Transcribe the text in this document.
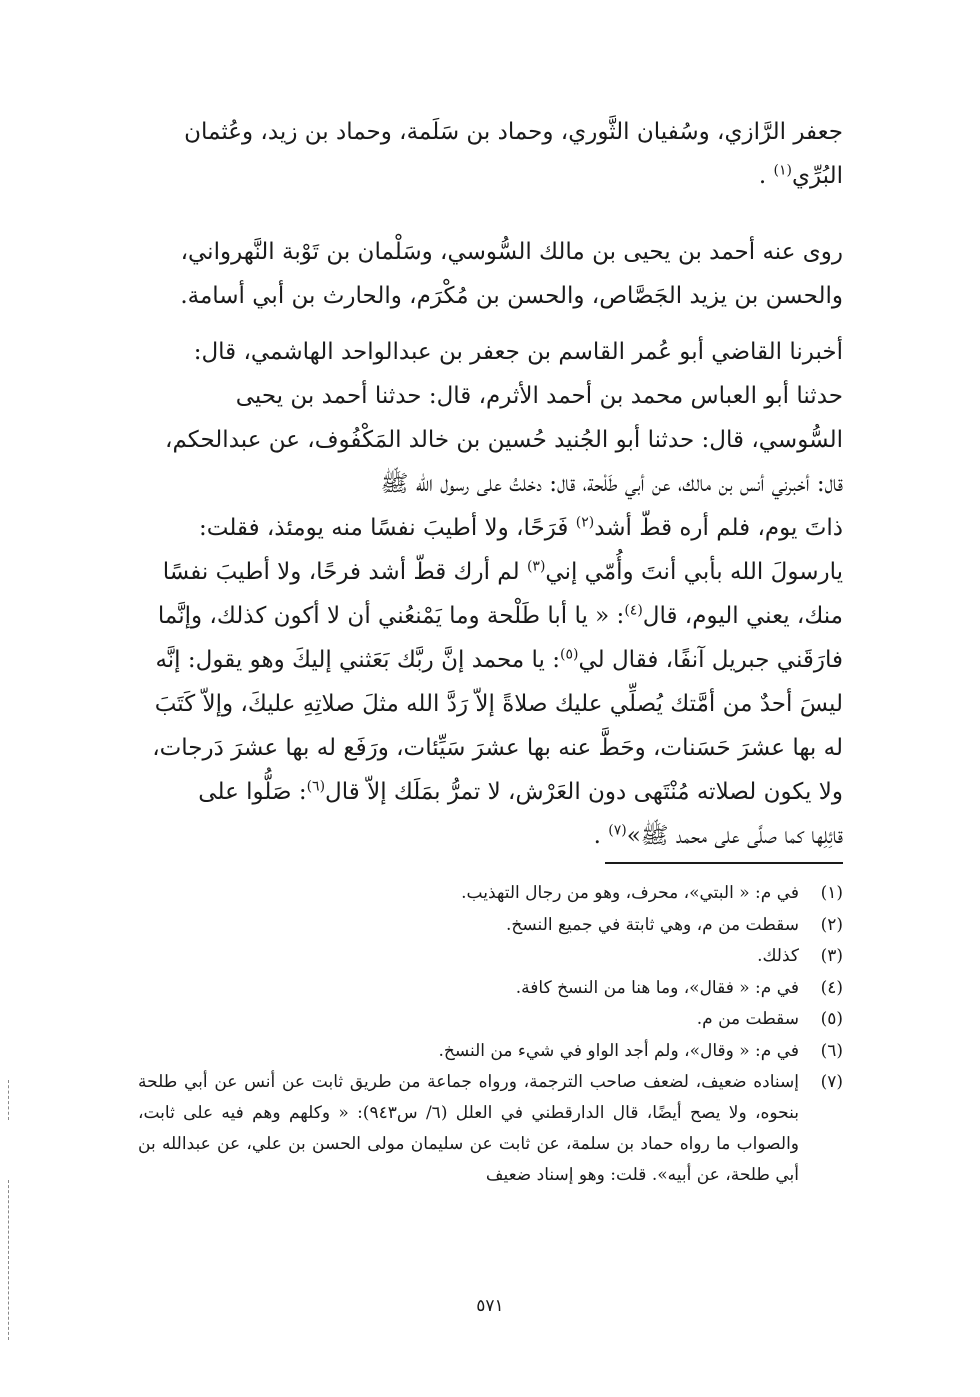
جعفر الرَّازي، وسُفيان الثَّوري، وحماد بن سَلَمة، وحماد بن زيد، وعُثمان

البُرِّي$^{(١)}$ .

روى عنه أحمد بن يحيى بن مالك السُّوسي، وسَلْمان بن تَوْبة النَّهرواني،

والحسن بن يزيد الجَصَّاص، والحسن بن مُكْرَم، والحارث بن أبي أسامة.

أخبرنا القاضي أبو عُمر القاسم بن جعفر بن عبدالواحد الهاشمي، قال:

حدثنا أبو العباس محمد بن أحمد الأثرم، قال: حدثنا أحمد بن يحيى

السُّوسي، قال: حدثنا أبو الجُنيد حُسين بن خالد المَكْفُوف، عن عبدالحكم،

قال: أخبرني أنس بن مالك، عن أبي طَلْحة، قال: دخلتُ على رسول الله ﷺ

ذاتَ يوم، فلم أره قطّ أشد$^{(٢)}$ فَرَحًا، ولا أطيبَ نفسًا منه يومئذ، فقلت:

يارسولَ الله بأبي أنتَ وأُمّي إني$^{(٣)}$ لم أرك قطّ أشد فرحًا، ولا أطيبَ نفسًا

منك، يعني اليوم، قال$^{(٤)}$: « يا أبا طَلْحة وما يَمْنعُني أن لا أكون كذلك، وإنَّما

فارَقَني جبريل آنفًا، فقال لي$^{(٥)}$: يا محمد إنَّ ربَّك بَعَثني إليكَ وهو يقول: إنَّه

ليسَ أحدٌ من أمَّتك يُصلِّي عليك صلاةً إلاّ رَدَّ الله مثلَ صلاتِهِ عليكَ، وإلاّ كَتَبَ

له بها عشرَ حَسَنات، وحَطَّ عنه بها عشرَ سَيِّئات، ورَفَع له بها عشرَ دَرجات،

ولا يكون لصلاته مُنْتَهى دون العَرْش، لا تمرُّ بمَلَك إلاّ قال$^{(٦)}$: صَلُّوا على

قائِلِها كما صلَّى على محمد ﷺ»$^{(٧)}$ .

(١)
في م: « البتي»، محرف، وهو من رجال التهذيب.
(٢)
سقطت من م، وهي ثابتة في جميع النسخ.
(٣)
كذلك.
(٤)
في م: « فقال»، وما هنا من النسخ كافة.
(٥)
سقطت من م.
(٦)
في م: « وقال»، ولم أجد الواو في شيء من النسخ.
(٧)
إسناده ضعيف، لضعف صاحب الترجمة، ورواه جماعة من طريق ثابت عن أنس عن أبي طلحة بنحوه، ولا يصح أيضًا، قال الدارقطني في العلل (٦/ س٩٤٣): « وكلهم وهم فيه على ثابت، والصواب ما رواه حماد بن سلمة، عن ثابت عن سليمان مولى الحسن بن علي، عن عبدالله بن أبي طلحة، عن أبيه». قلت: وهو إسناد ضعيف
٥٧١
